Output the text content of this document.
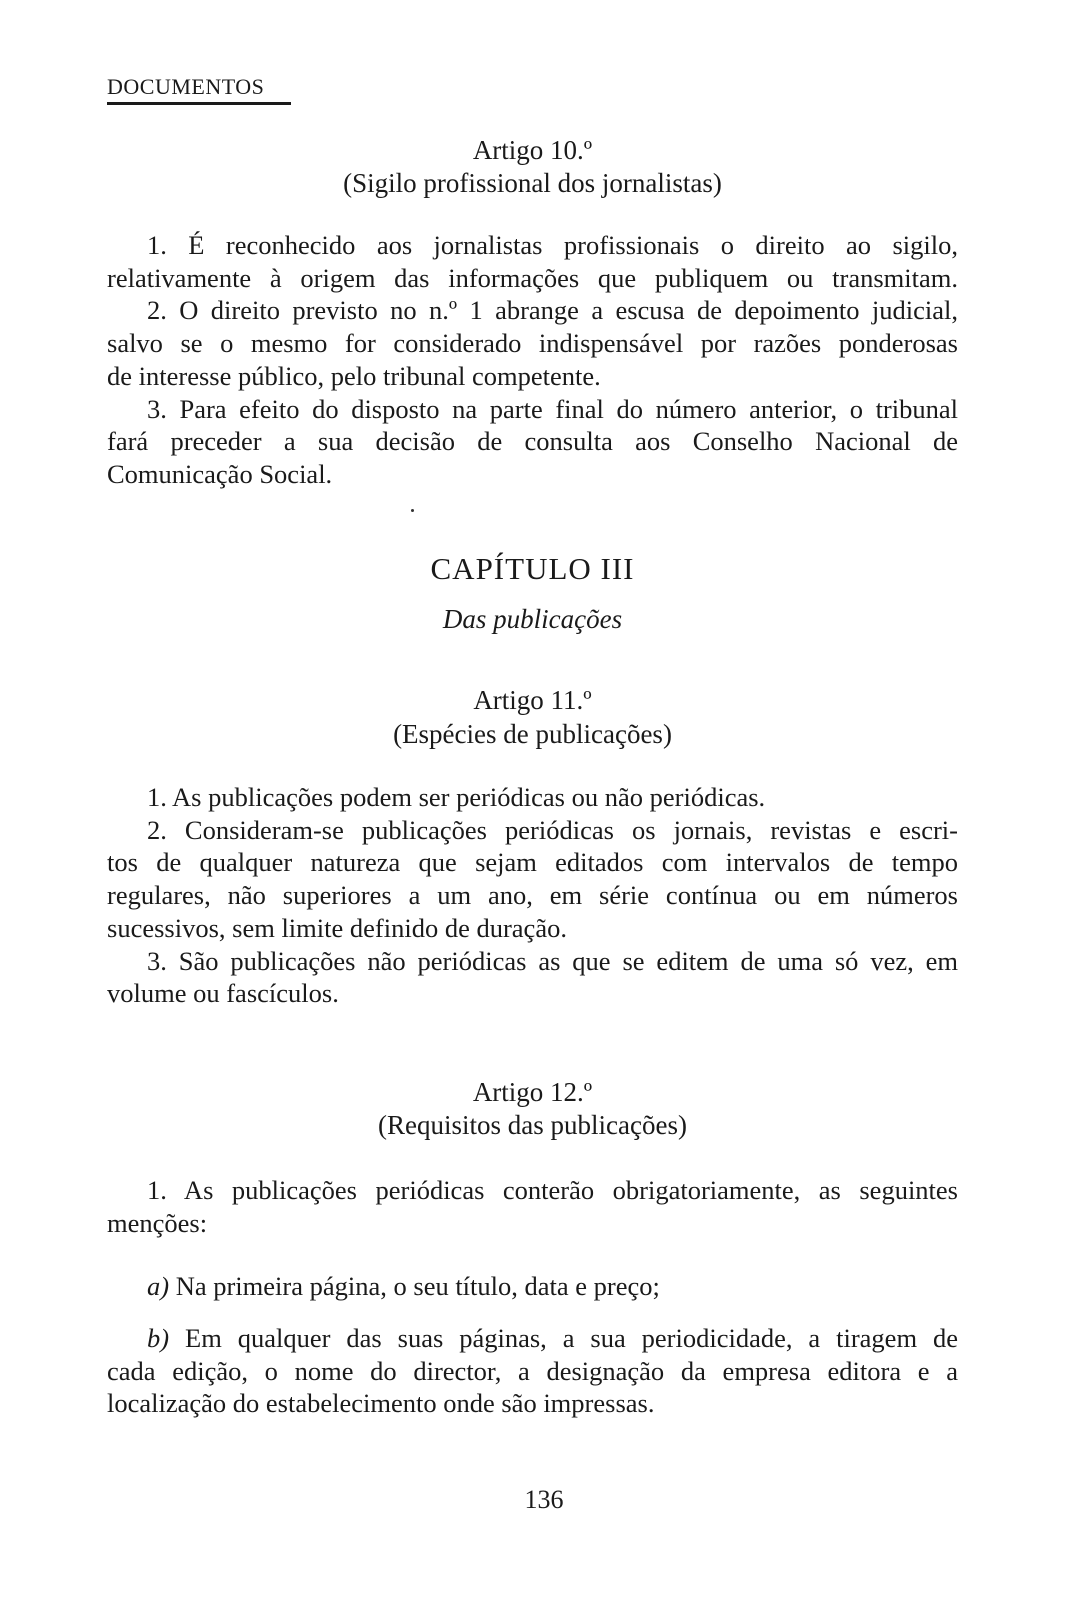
DOCUMENTOS
Artigo 10.º
(Sigilo profissional dos jornalistas)
1. É reconhecido aos jornalistas profissionais o direito ao sigilo,
relativamente à origem das informações que publiquem ou transmitam.
2. O direito previsto no n.º 1 abrange a escusa de depoimento judicial,
salvo se o mesmo for considerado indispensável por razões ponderosas
de interesse público, pelo tribunal competente.
3. Para efeito do disposto na parte final do número anterior, o tribunal
fará preceder a sua decisão de consulta aos Conselho Nacional de
Comunicação Social.
CAPÍTULO III
Das publicações
Artigo 11.º
(Espécies de publicações)
1. As publicações podem ser periódicas ou não periódicas.
2. Consideram-se publicações periódicas os jornais, revistas e escri-
tos de qualquer natureza que sejam editados com intervalos de tempo
regulares, não superiores a um ano, em série contínua ou em números
sucessivos, sem limite definido de duração.
3. São publicações não periódicas as que se editem de uma só vez, em
volume ou fascículos.
Artigo 12.º
(Requisitos das publicações)
1. As publicações periódicas conterão obrigatoriamente, as seguintes
menções:
a) Na primeira página, o seu título, data e preço;
b) Em qualquer das suas páginas, a sua periodicidade, a tiragem de
cada edição, o nome do director, a designação da empresa editora e a
localização do estabelecimento onde são impressas.
136
